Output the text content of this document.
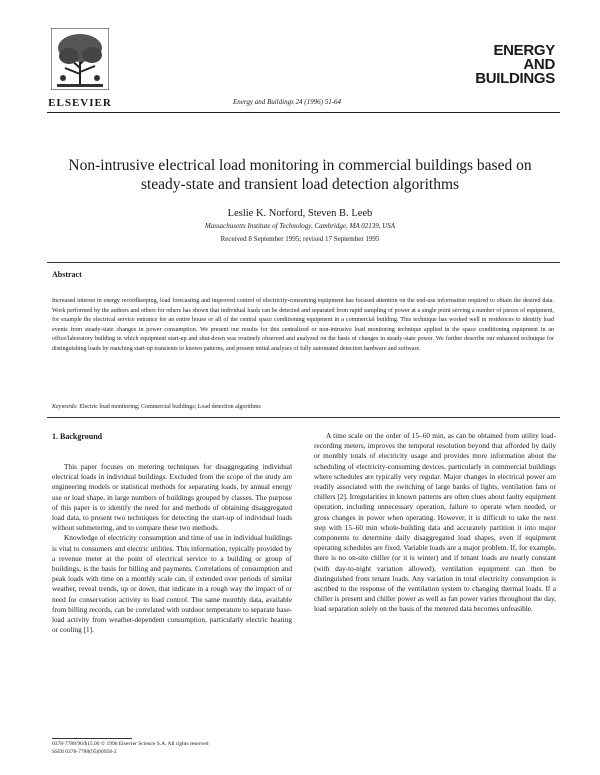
ELSEVIER	Energy and Buildings 24 (1996) 51-64
ENERGY
AND
BUILDINGS
Non-intrusive electrical load monitoring in commercial buildings based on steady-state and transient load detection algorithms
Leslie K. Norford, Steven B. Leeb
Massachusetts Institute of Technology, Cambridge, MA 02139, USA
Received 8 September 1995; revised 17 September 1995
Abstract
Increased interest in energy recordkeeping, load forecasting and improved control of electricity-consuming equipment has focused attention on the end-use information required to obtain the desired data. Work performed by the authors and others for others has shown that individual loads can be detected and separated from rapid sampling of power at a single point serving a number of pieces of equipment, for example the electrical service entrance for an entire house or all of the central space conditioning equipment in a commercial building. This technique has worked well in residences to identify load events from steady-state changes in power consumption. We present our results for this centralized or non-intrusive load monitoring technique applied in the space conditioning equipment in an office/laboratory building in which equipment start-up and shut-down was routinely observed and analyzed on the basis of changes in steady-state power. We further describe our enhanced technique for distinguishing loads by matching start-up transients to known patterns, and present initial analyses of fully automated detection hardware and software.
Keywords: Electric load monitoring; Commercial buildings; Load detection algorithms
1. Background

This paper focuses on metering techniques for disaggregating individual electrical loads in individual buildings. Excluded from the scope of the study are engineering models or statistical methods for separating loads, by annual energy use or load shape, in large numbers of buildings grouped by classes. The purpose of this paper is to identify the need for and methods of obtaining disaggregated load data, to present two techniques for detecting the start-up of individual loads without submetering, and to compare these two methods.

Knowledge of electricity consumption and time of use in individual buildings is vital to consumers and electric utilities. This information, typically provided by a revenue meter at the point of electrical service to a building or group of buildings, is the basis for billing and payments. Correlations of consumption and peak loads with time on a monthly scale can, if extended over periods of similar weather, reveal trends, up or down, that indicate in a rough way the impact of or need for conservation activity to load control. The same monthly data, available from billing records, can be correlated with outdoor temperature to separate base-load activity from weather-dependent consumption, particularly electric heating or cooling [1].

A time scale on the order of 15–60 min, as can be obtained from utility load-recording meters, improves the temporal resolution beyond that afforded by daily or monthly totals of electricity usage and provides more information about the scheduling of electricity-consuming devices, particularly in commercial buildings where schedules are typically very regular. Major changes in electrical power are readily associated with the switching of large banks of lights, ventilation fans or chillers [2]. Irregularities in known patterns are often clues about faulty equipment operation, including unnecessary operation, failure to operate when needed, or gross changes in power when operating. However, it is difficult to take the next step with 15–60 min whole-building data and accurately partition it into major components to determine daily disaggregated load shapes, even if equipment operating schedules are fixed. Variable loads are a major problem. If, for example, there is no on-site chiller (or it is winter) and if tenant loads are nearly constant (with day-to-night variation allowed), ventilation equipment can then be distinguished from tenant loads. Any variation in total electricity consumption is ascribed to the response of the ventilation system to changing thermal loads. If a chiller is present and chiller power as well as fan power varies throughout the day, load separation solely on the basis of the metered data becomes unfeasible.

0378-7788/96/$15.00 © 1996 Elsevier Science S.A. All rights reserved
SSDI 0378-7788(95)00958-2
